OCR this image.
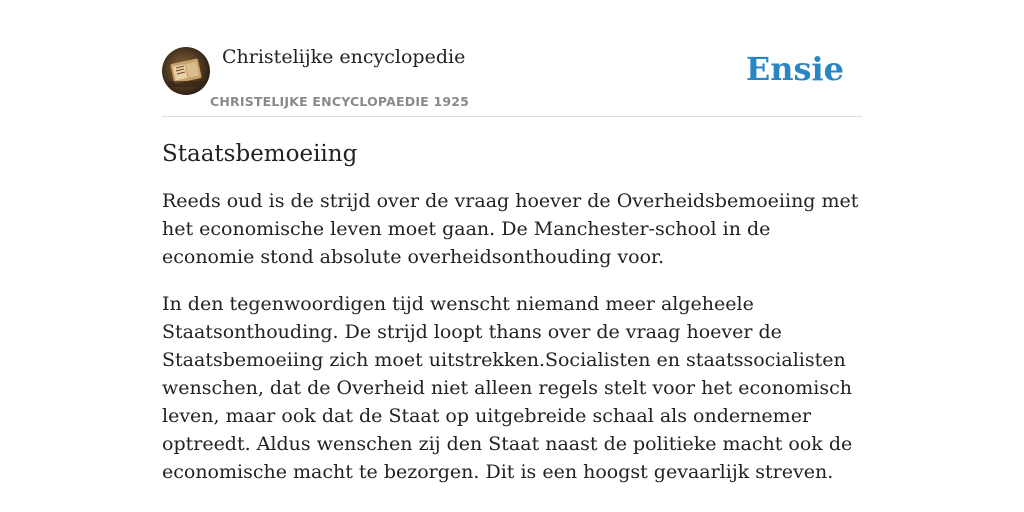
Christelijke encyclopedie
CHRISTELIJKE ENCYCLOPAEDIE 1925
Ensie
Staatsbemoeiing

Reeds oud is de strijd over de vraag hoever de Overheidsbemoeiing met het economische leven moet gaan. De Manchester-school in de economie stond absolute overheidsonthouding voor.

In den tegenwoordigen tijd wenscht niemand meer algeheele Staatsonthouding. De strijd loopt thans over de vraag hoever de Staatsbemoeiing zich moet uitstrekken.Socialisten en staatssocialisten wenschen, dat de Overheid niet alleen regels stelt voor het economisch leven, maar ook dat de Staat op uitgebreide schaal als ondernemer optreedt. Aldus wenschen zij den Staat naast de politieke macht ook de economische macht te bezorgen. Dit is een hoogst gevaarlijk streven.
